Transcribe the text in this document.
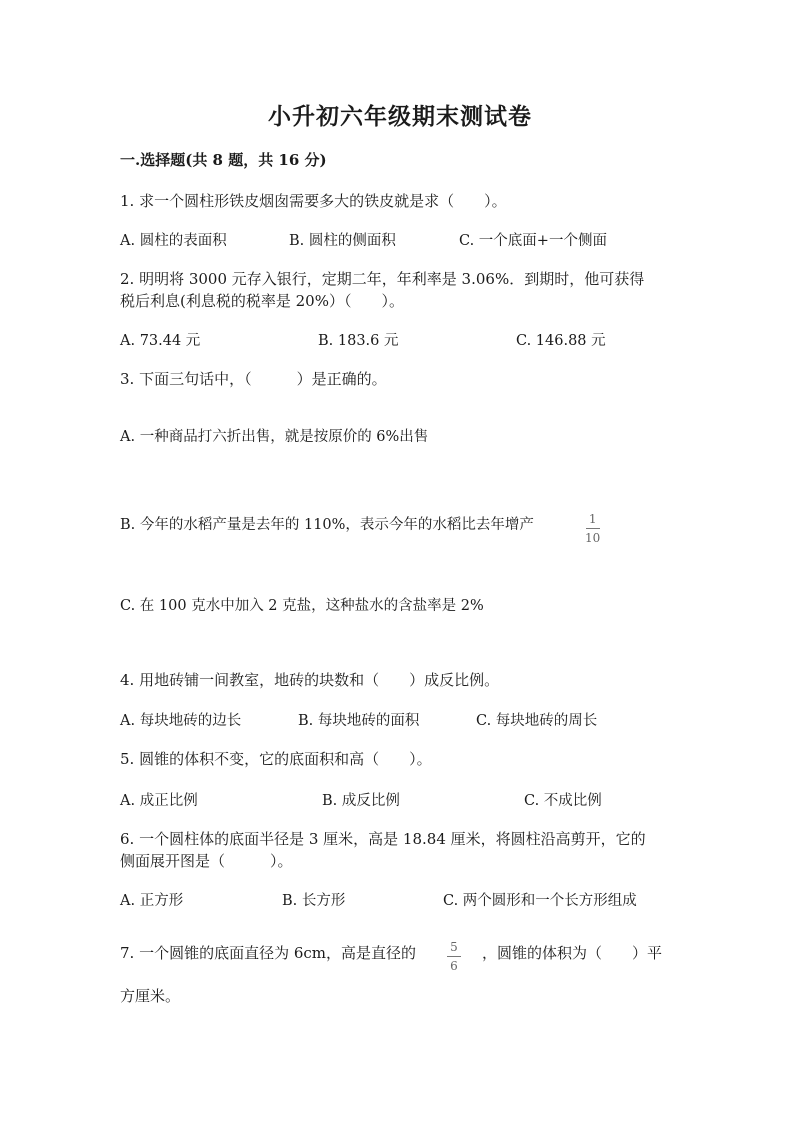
小升初六年级期末测试卷
一.选择题(共 8 题，共 16 分)
1. 求一个圆柱形铁皮烟囱需要多大的铁皮就是求（　　）。
A. 圆柱的表面积	B. 圆柱的侧面积	C. 一个底面+一个侧面
2. 明明将 3000 元存入银行，定期二年，年利率是 3.06%．到期时，他可获得
税后利息(利息税的税率是 20%）（　　）。
A. 73.44 元	B. 183.6 元	C. 146.88 元
3. 下面三句话中，（　　　）是正确的。
A. 一种商品打六折出售，就是按原价的 6%出售
B. 今年的水稻产量是去年的 110%，表示今年的水稻比去年增产	$\frac{1}{10}$
C. 在 100 克水中加入 2 克盐，这种盐水的含盐率是 2%
4. 用地砖铺一间教室，地砖的块数和（　　）成反比例。
A. 每块地砖的边长	B. 每块地砖的面积	C. 每块地砖的周长
5. 圆锥的体积不变，它的底面积和高（　　）。
A. 成正比例	B. 成反比例	C. 不成比例
6. 一个圆柱体的底面半径是 3 厘米，高是 18.84 厘米，将圆柱沿高剪开，它的
侧面展开图是（　　　）。
A. 正方形	B. 长方形	C. 两个圆形和一个长方形组成
7. 一个圆锥的底面直径为 6cm，高是直径的	$\frac{5}{6}$ ，圆锥的体积为（　　）平
方厘米。
